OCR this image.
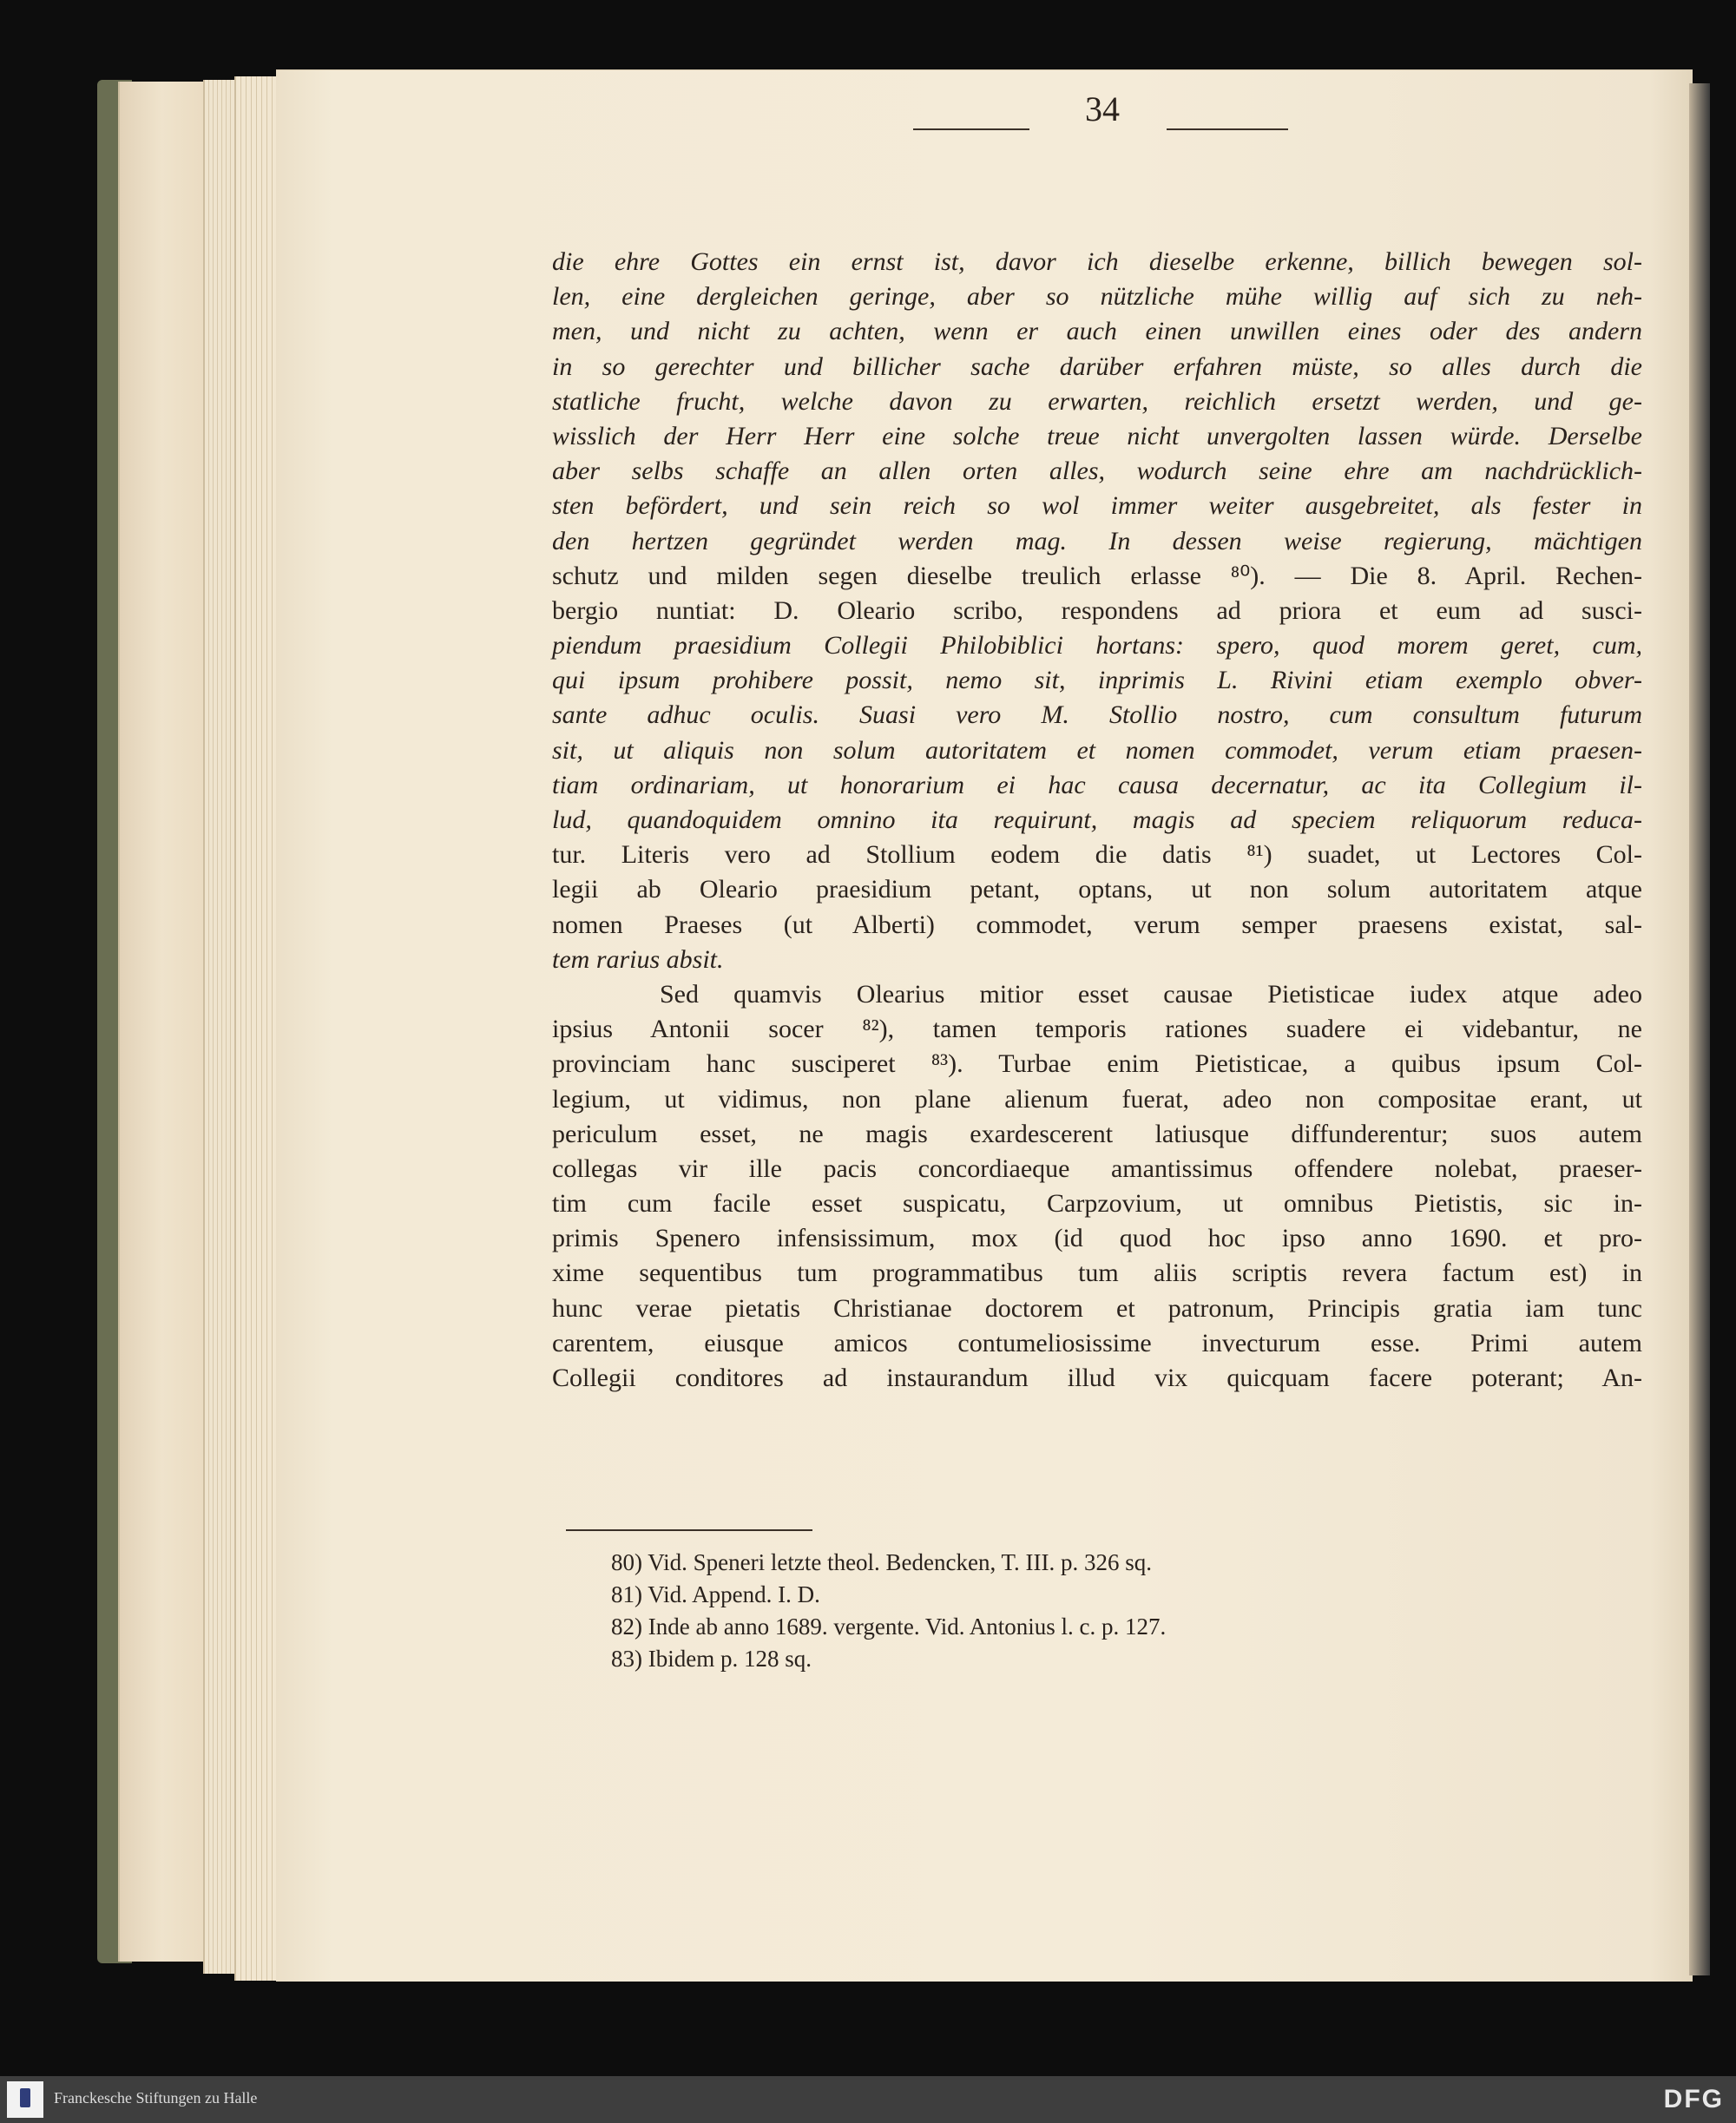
34
die ehre Gottes ein ernst ist, davor ich dieselbe erkenne, billich bewegen sol-
len, eine dergleichen geringe, aber so nützliche mühe willig auf sich zu neh-
men, und nicht zu achten, wenn er auch einen unwillen eines oder des andern
in so gerechter und billicher sache darüber erfahren müste, so alles durch die
statliche frucht, welche davon zu erwarten, reichlich ersetzt werden, und ge-
wisslich der Herr Herr eine solche treue nicht unvergolten lassen würde. Derselbe
aber selbs schaffe an allen orten alles, wodurch seine ehre am nachdrücklich-
sten befördert, und sein reich so wol immer weiter ausgebreitet, als fester in
den hertzen gegründet werden mag. In dessen weise regierung, mächtigen
schutz und milden segen dieselbe treulich erlasse ⁸⁰). — Die 8. April. Rechen-
bergio nuntiat: D. Oleario scribo, respondens ad priora et eum ad susci-
piendum praesidium Collegii Philobiblici hortans: spero, quod morem geret, cum,
qui ipsum prohibere possit, nemo sit, inprimis L. Rivini etiam exemplo obver-
sante adhuc oculis. Suasi vero M. Stollio nostro, cum consultum futurum
sit, ut aliquis non solum autoritatem et nomen commodet, verum etiam praesen-
tiam ordinariam, ut honorarium ei hac causa decernatur, ac ita Collegium il-
lud, quandoquidem omnino ita requirunt, magis ad speciem reliquorum reduca-
tur. Literis vero ad Stollium eodem die datis ⁸¹) suadet, ut Lectores Col-
legii ab Oleario praesidium petant, optans, ut non solum autoritatem atque
nomen Praeses (ut Alberti) commodet, verum semper praesens existat, sal-
tem rarius absit.
Sed quamvis Olearius mitior esset causae Pietisticae iudex atque adeo
ipsius Antonii socer ⁸²), tamen temporis rationes suadere ei videbantur, ne
provinciam hanc susciperet ⁸³). Turbae enim Pietisticae, a quibus ipsum Col-
legium, ut vidimus, non plane alienum fuerat, adeo non compositae erant, ut
periculum esset, ne magis exardescerent latiusque diffunderentur; suos autem
collegas vir ille pacis concordiaeque amantissimus offendere nolebat, praeser-
tim cum facile esset suspicatu, Carpzovium, ut omnibus Pietistis, sic in-
primis Spenero infensissimum, mox (id quod hoc ipso anno 1690. et pro-
xime sequentibus tum programmatibus tum aliis scriptis revera factum est) in
hunc verae pietatis Christianae doctorem et patronum, Principis gratia iam tunc
carentem, eiusque amicos contumeliosissime invecturum esse. Primi autem
Collegii conditores ad instaurandum illud vix quicquam facere poterant; An-
80) Vid. Speneri letzte theol. Bedencken, T. III. p. 326 sq.
81) Vid. Append. I. D.
82) Inde ab anno 1689. vergente. Vid. Antonius l. c. p. 127.
83) Ibidem p. 128 sq.
Franckesche Stiftungen zu Halle	DFG
